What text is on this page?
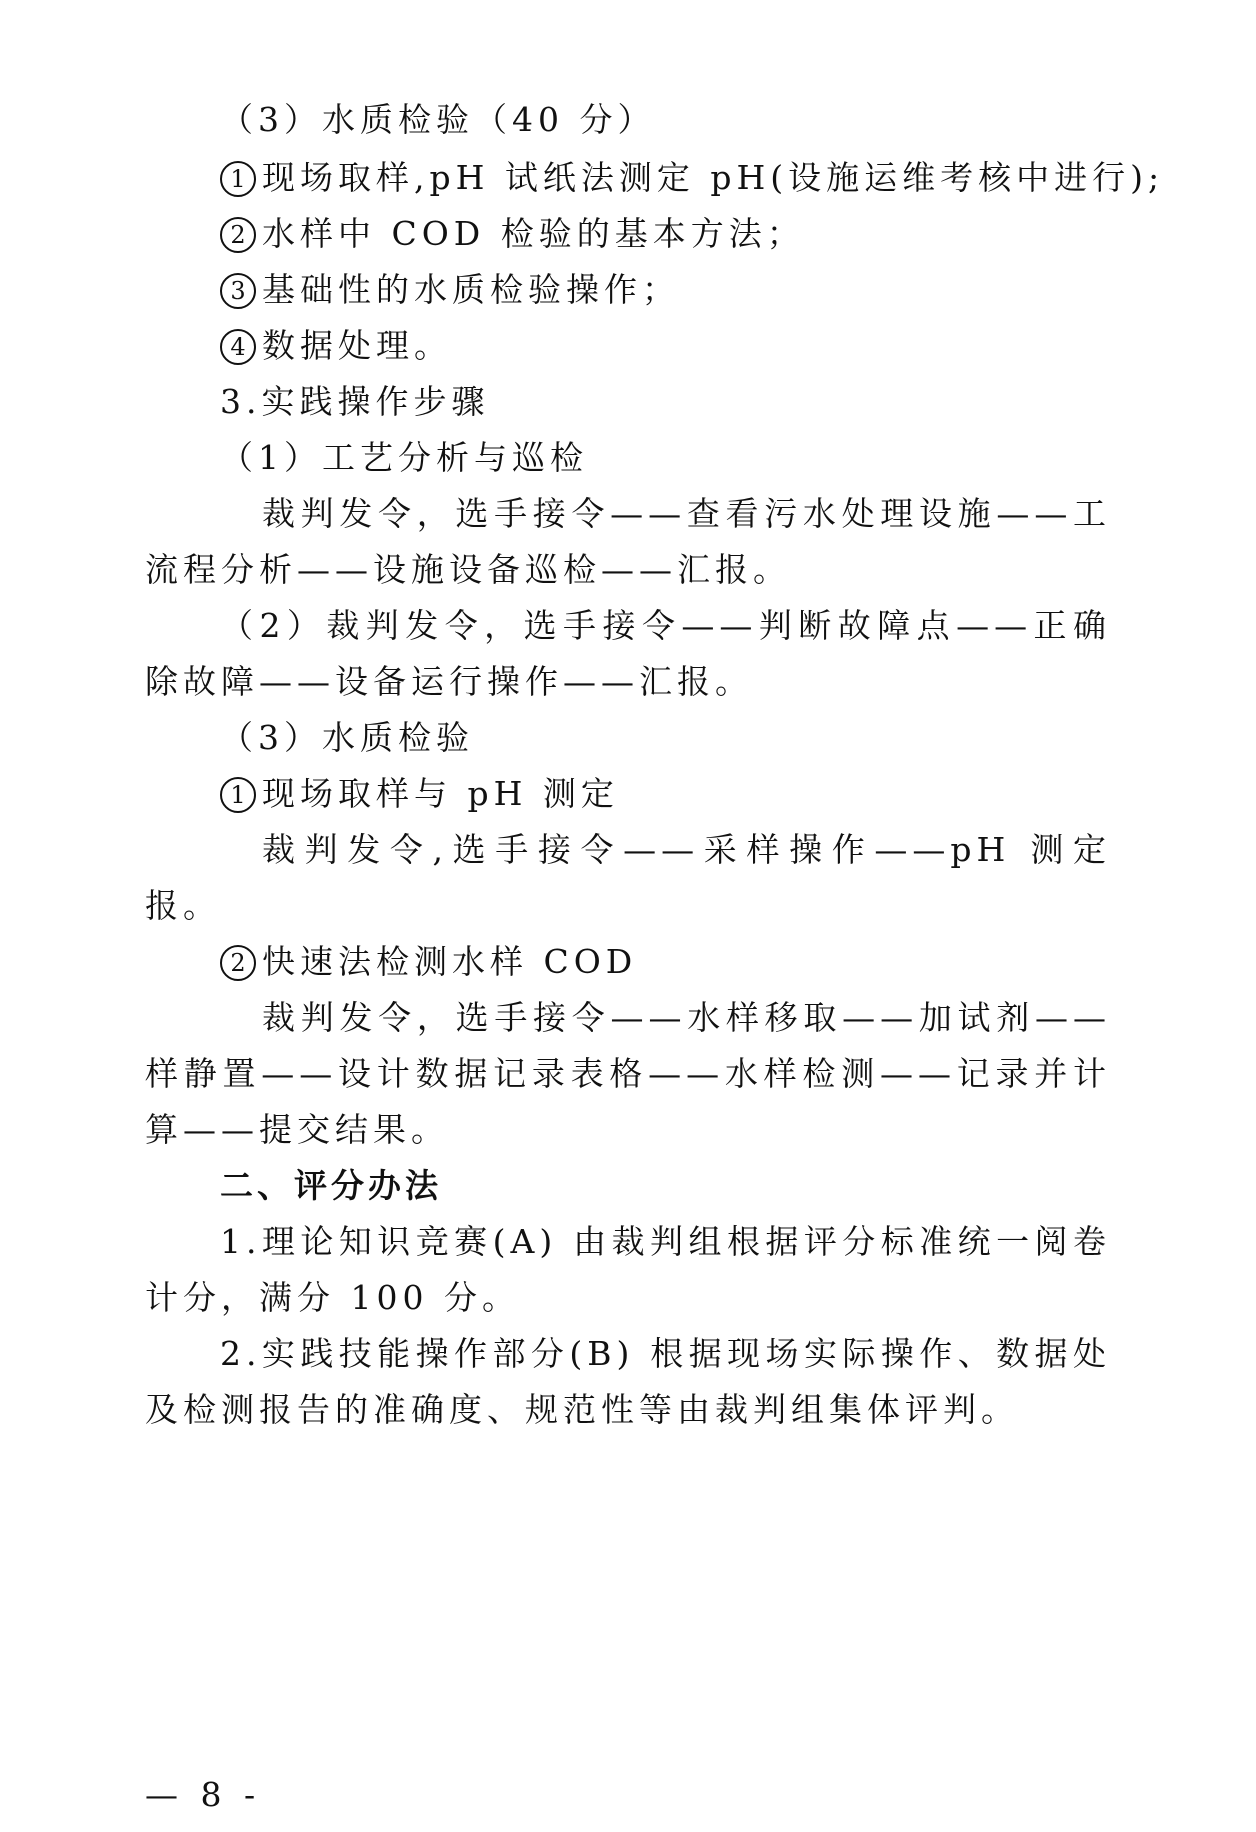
（3）水质检验（40 分）
1 现场取样,pH 试纸法测定 pH(设施运维考核中进行);
2 水样中 COD 检验的基本方法；
3 基础性的水质检验操作；
4 数据处理。
3.实践操作步骤
（1）工艺分析与巡检
裁判发令，选手接令——查看污水处理设施——工
流程分析——设施设备巡检——汇报。
（2）裁判发令，选手接令——判断故障点——正确
除故障——设备运行操作——汇报。
（3）水质检验
1 现场取样与 pH 测定
裁判发令,选手接令——采样操作——pH 测定
报。
2 快速法检测水样 COD
裁判发令，选手接令——水样移取——加试剂——
样静置——设计数据记录表格——水样检测——记录并计
算——提交结果。
二、评分办法
1.理论知识竞赛(A) 由裁判组根据评分标准统一阅卷
计分，满分 100 分。
2.实践技能操作部分(B) 根据现场实际操作、数据处
及检测报告的准确度、规范性等由裁判组集体评判。
— 8 -
